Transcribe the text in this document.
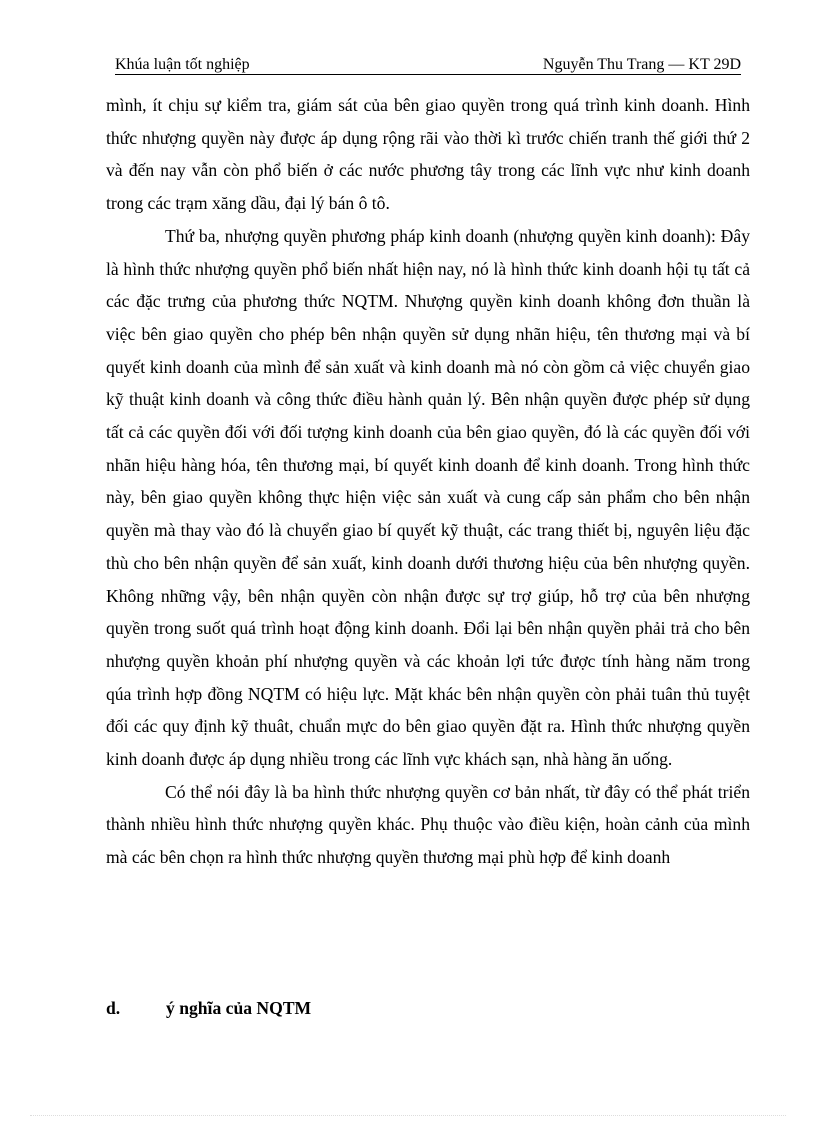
Khúa luận tốt nghiệp	Nguyễn Thu Trang — KT 29D

mình, ít chịu sự kiểm tra, giám sát của bên giao quyền trong quá trình kinh doanh. Hình thức nhượng quyền này được áp dụng rộng rãi vào thời kì trước chiến tranh thế giới thứ 2 và đến nay vẫn còn phổ biến ở các nước phương tây trong các lĩnh vực như kinh doanh trong các trạm xăng dầu, đại lý bán ô tô.

Thứ ba, nhượng quyền phương pháp kinh doanh (nhượng quyền kinh doanh): Đây là hình thức nhượng quyền phổ biến nhất hiện nay, nó là hình thức kinh doanh hội tụ tất cả các đặc trưng của phương thức NQTM. Nhượng quyền kinh doanh không đơn thuần là việc bên giao quyền cho phép bên nhận quyền sử dụng nhãn hiệu, tên thương mại và bí quyết kinh doanh của mình để sản xuất và kinh doanh mà nó còn gồm cả việc chuyển giao kỹ thuật kinh doanh và công thức điều hành quản lý. Bên nhận quyền được phép sử dụng tất cả các quyền đối với đối tượng kinh doanh của bên giao quyền, đó là các quyền đối với nhãn hiệu hàng hóa, tên thương mại, bí quyết kinh doanh để kinh doanh. Trong hình thức này, bên giao quyền không thực hiện việc sản xuất và cung cấp sản phẩm cho bên nhận quyền mà thay vào đó là chuyển giao bí quyết kỹ thuật, các trang thiết bị, nguyên liệu đặc thù cho bên nhận quyền để sản xuất, kinh doanh dưới thương hiệu của bên nhượng quyền. Không những vậy, bên nhận quyền còn nhận được sự trợ giúp, hỗ trợ của bên nhượng quyền trong suốt quá trình hoạt động kinh doanh. Đổi lại bên nhận quyền phải trả cho bên nhượng quyền khoản phí nhượng quyền và các khoản lợi tức được tính hàng năm trong qúa trình hợp đồng NQTM có hiệu lực. Mặt khác bên nhận quyền còn phải tuân thủ tuyệt đối các quy định kỹ thuât, chuẩn mực do bên giao quyền đặt ra. Hình thức nhượng quyền kinh doanh được áp dụng nhiều trong các lĩnh vực khách sạn, nhà hàng ăn uống.

Có thể nói đây là ba hình thức nhượng quyền cơ bản nhất, từ đây có thể phát triển thành nhiều hình thức nhượng quyền khác. Phụ thuộc vào điều kiện, hoàn cảnh của mình mà các bên chọn ra hình thức nhượng quyền thương mại phù hợp để kinh doanh

d.	ý nghĩa của NQTM
